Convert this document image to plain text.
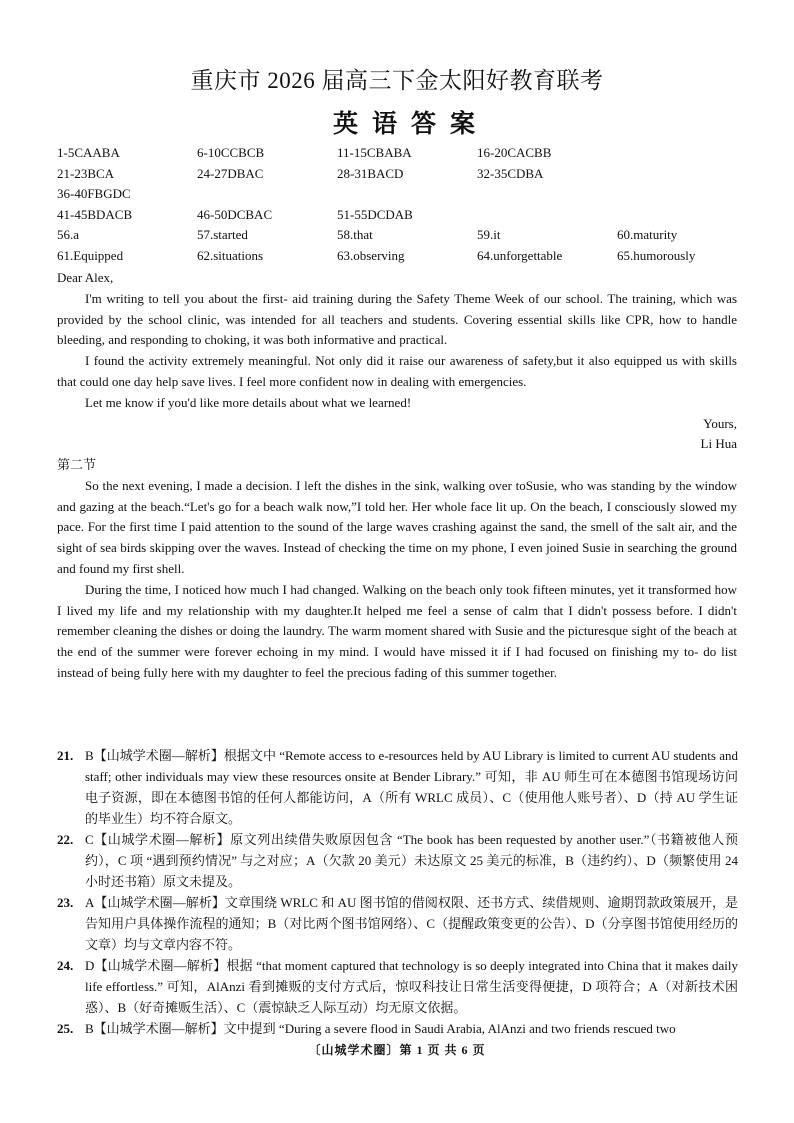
重庆市 2026 届高三下金太阳好教育联考
英语答案
1-5CAABA	6-10CCBCB	11-15CBABA	16-20CACBB
21-23BCA	24-27DBAC	28-31BACD	32-35CDBA
36-40FBGDC
41-45BDACB	46-50DCBAC	51-55DCDAB
56.a	57.started	58.that	59.it	60.maturity
61.Equipped	62.situations	63.observing	64.unforgettable	65.humorously

Dear Alex,

I'm writing to tell you about the first- aid training during the Safety Theme Week of our school. The training, which was provided by the school clinic, was intended for all teachers and students. Covering essential skills like CPR, how to handle bleeding, and responding to choking, it was both informative and practical.

I found the activity extremely meaningful. Not only did it raise our awareness of safety,but it also equipped us with skills that could one day help save lives. I feel more confident now in dealing with emergencies.

Let me know if you'd like more details about what we learned!

Yours,

Li Hua

第二节

So the next evening, I made a decision. I left the dishes in the sink, walking over toSusie, who was standing by the window and gazing at the beach.“Let's go for a beach walk now,”I told her. Her whole face lit up. On the beach, I consciously slowed my pace. For the first time I paid attention to the sound of the large waves crashing against the sand, the smell of the salt air, and the sight of sea birds skipping over the waves. Instead of checking the time on my phone, I even joined Susie in searching the ground and found my first shell.

During the time, I noticed how much I had changed. Walking on the beach only took fifteen minutes, yet it transformed how I lived my life and my relationship with my daughter.It helped me feel a sense of calm that I didn't possess before. I didn't remember cleaning the dishes or doing the laundry. The warm moment shared with Susie and the picturesque sight of the beach at the end of the summer were forever echoing in my mind. I would have missed it if I had focused on finishing my to- do list instead of being fully here with my daughter to feel the precious fading of this summer together.

21. B【山城学术圈—解析】根据文中 “Remote access to e-resources held by AU Library is limited to current AU students and staff; other individuals may view these resources onsite at Bender Library.” 可知，非 AU 师生可在本德图书馆现场访问电子资源，即在本德图书馆的任何人都能访问，A（所有 WRLC 成员）、C（使用他人账号者）、D（持 AU 学生证的毕业生）均不符合原文。
22. C【山城学术圈—解析】原文列出续借失败原因包含 “The book has been requested by another user.”（书籍被他人预约），C 项 “遇到预约情况” 与之对应；A（欠款 20 美元）未达原文 25 美元的标准，B（违约约）、D（频繁使用 24 小时还书箱）原文未提及。
23. A【山城学术圈—解析】文章围绕 WRLC 和 AU 图书馆的借阅权限、还书方式、续借规则、逾期罚款政策展开，是告知用户具体操作流程的通知；B（对比两个图书馆网络）、C（提醒政策变更的公告）、D（分享图书馆使用经历的文章）均与文章内容不符。
24. D【山城学术圈—解析】根据 “that moment captured that technology is so deeply integrated into China that it makes daily life effortless.” 可知，AlAnzi 看到摊贩的支付方式后，惊叹科技让日常生活变得便捷，D 项符合；A（对新技术困惑）、B（好奇摊贩生活）、C（震惊缺乏人际互动）均无原文依据。
25. B【山城学术圈—解析】文中提到 “During a severe flood in Saudi Arabia, AlAnzi and two friends rescued two
〔山城学术圈〕第 1 页 共 6 页
